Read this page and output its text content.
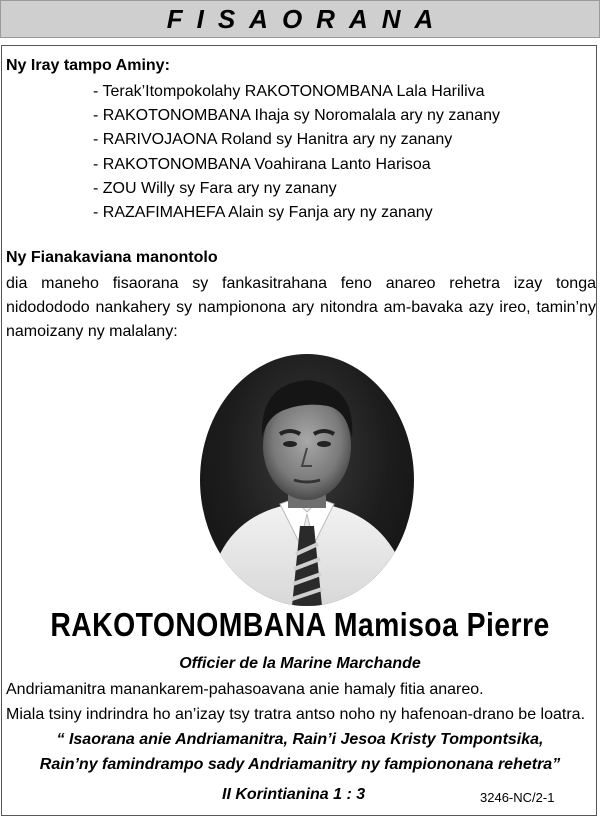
FISAORANA
Ny Iray tampo Aminy:
- Terak’Itompokolahy RAKOTONOMBANA Lala Hariliva
- RAKOTONOMBANA Ihaja sy Noromalala ary ny zanany
- RARIVOJAONA Roland sy Hanitra ary ny zanany
- RAKOTONOMBANA Voahirana Lanto Harisoa
- ZOU Willy sy Fara ary ny zanany
- RAZAFIMAHEFA Alain sy Fanja ary ny zanany
Ny Fianakaviana manontolo
dia maneho fisaorana sy fankasitrahana feno anareo rehetra izay tonga nidodododo nankahery sy nampionona ary nitondra am-bavaka azy ireo, tamin’ny namoizany ny malalany:
RAKOTONOMBANA Mamisoa Pierre
Officier de la Marine Marchande
Andriamanitra manankarem-pahasoavana anie hamaly fitia anareo.
Miala tsiny indrindra ho an’izay tsy tratra antso noho ny hafenoan-drano be loatra.
“ Isaorana anie Andriamanitra, Rain’i Jesoa Kristy Tompontsika,
Rain’ny famindrampo sady Andriamanitry ny fampiononana rehetra”
II Korintianina 1 : 3	3246-NC/2-1
